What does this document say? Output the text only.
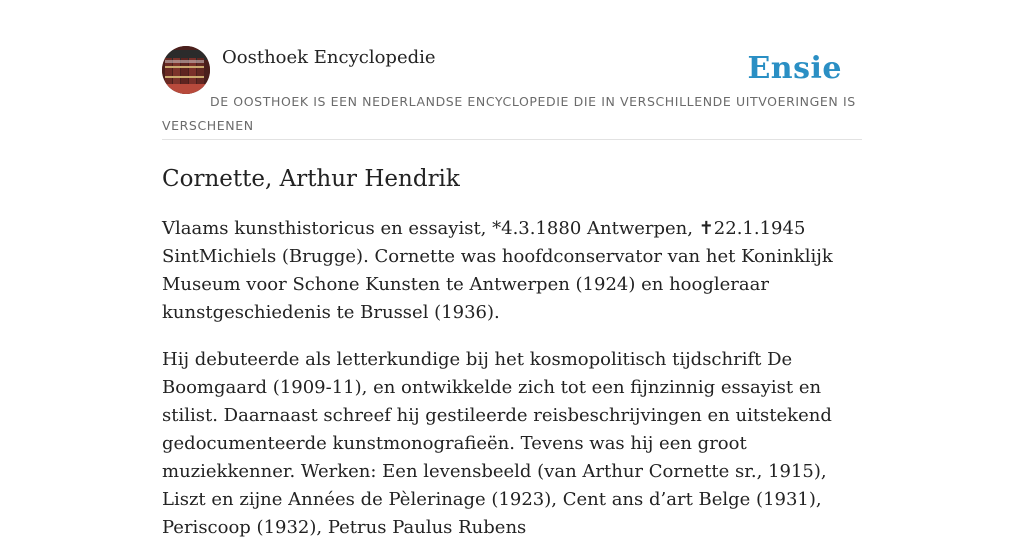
Oosthoek Encyclopedie	Ensie
DE OOSTHOEK IS EEN NEDERLANDSE ENCYCLOPEDIE DIE IN VERSCHILLENDE UITVOERINGEN IS VERSCHENEN
Cornette, Arthur Hendrik

Vlaams kunsthistoricus en essayist, *4.3.1880 Antwerpen, ✝22.1.1945 SintMichiels (Brugge). Cornette was hoofdconservator van het Koninklijk Museum voor Schone Kunsten te Antwerpen (1924) en hoogleraar kunstgeschiedenis te Brussel (1936).

Hij debuteerde als letterkundige bij het kosmopolitisch tijdschrift De Boomgaard (1909-11), en ontwikkelde zich tot een fijnzinnig essayist en stilist. Daarnaast schreef hij gestileerde reisbeschrijvingen en uitstekend gedocumenteerde kunstmonografieën. Tevens was hij een groot muziekkenner. Werken: Een levensbeeld (van Arthur Cornette sr., 1915), Liszt en zijne Années de Pèlerinage (1923), Cent ans d’art Belge (1931), Periscoop (1932), Petrus Paulus Rubens
